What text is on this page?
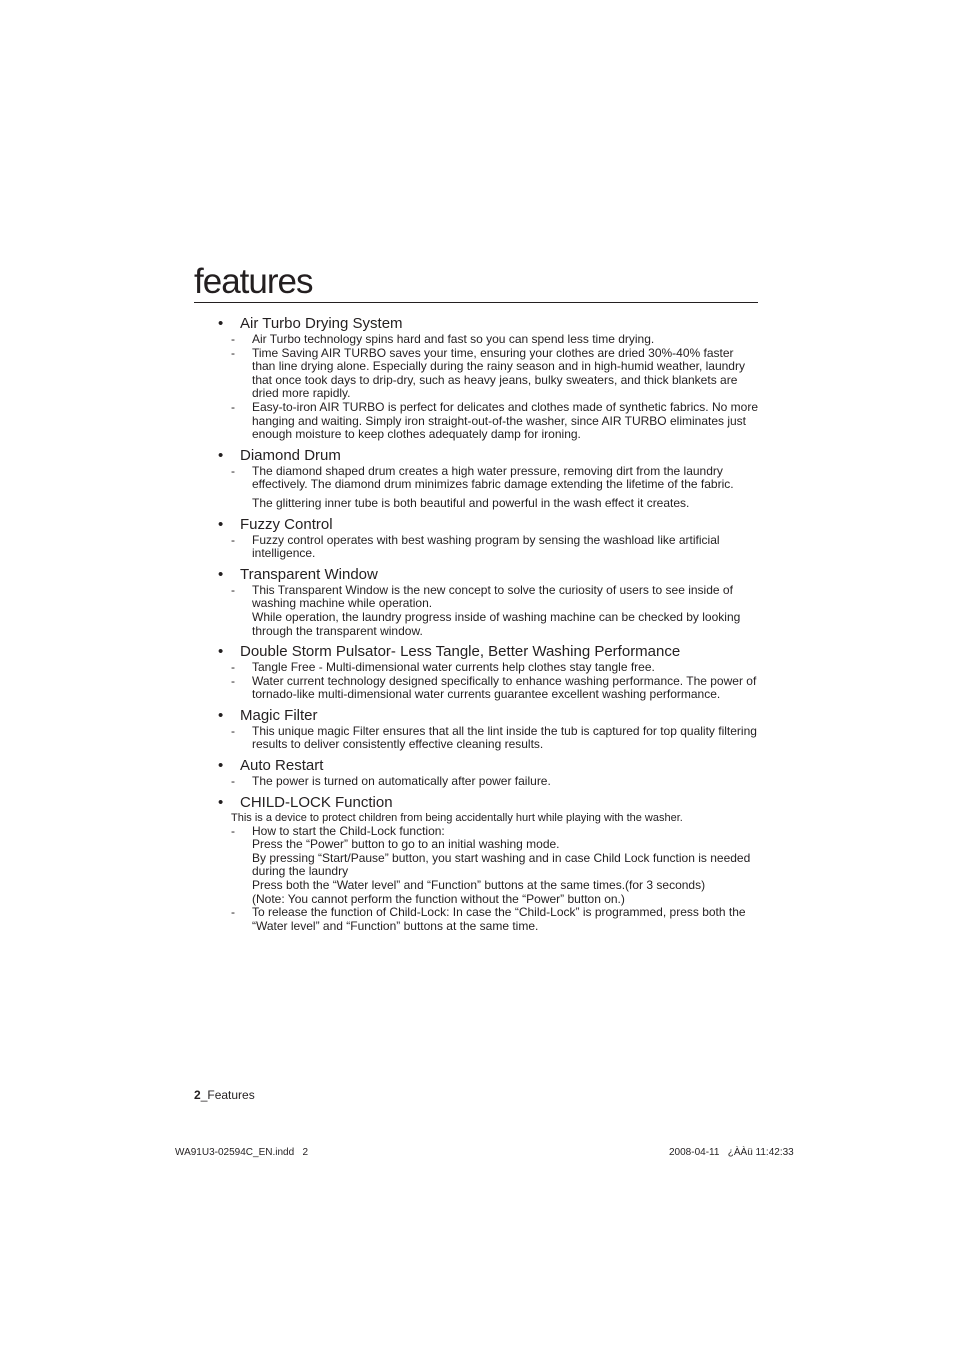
features
• Air Turbo Drying System
- Air Turbo technology spins hard and fast so you can spend less time drying.
- Time Saving AIR TURBO saves your time, ensuring your clothes are dried 30%-40% faster than line drying alone. Especially during the rainy season and in high-humid weather, laundry that once took days to drip-dry, such as heavy jeans, bulky sweaters, and thick blankets are dried more rapidly.
- Easy-to-iron AIR TURBO is perfect for delicates and clothes made of synthetic fabrics. No more hanging and waiting. Simply iron straight-out-of-the washer, since AIR TURBO eliminates just enough moisture to keep clothes adequately damp for ironing.
• Diamond Drum
- The diamond shaped drum creates a high water pressure, removing dirt from the laundry effectively. The diamond drum minimizes fabric damage extending the lifetime of the fabric.
The glittering inner tube is both beautiful and powerful in the wash effect it creates.
• Fuzzy Control
- Fuzzy control operates with best washing program by sensing the washload like artificial intelligence.
• Transparent Window
- This Transparent Window is the new concept to solve the curiosity of users to see inside of washing machine while operation.
While operation, the laundry progress inside of washing machine can be checked by looking through the transparent window.
• Double Storm Pulsator- Less Tangle, Better Washing Performance
- Tangle Free - Multi-dimensional water currents help clothes stay tangle free.
- Water current technology designed specifically to enhance washing performance. The power of tornado-like multi-dimensional water currents guarantee excellent washing performance.
• Magic Filter
- This unique magic Filter ensures that all the lint inside the tub is captured for top quality filtering results to deliver consistently effective cleaning results.
• Auto Restart
- The power is turned on automatically after power failure.
• CHILD-LOCK Function
This is a device to protect children from being accidentally hurt while playing with the washer.
- How to start the Child-Lock function:
Press the “Power” button to go to an initial washing mode.
By pressing “Start/Pause” button, you start washing and in case Child Lock function is needed during the laundry
Press both the “Water level” and “Function” buttons at the same times.(for 3 seconds)
(Note: You cannot perform the function without the “Power” button on.)
- To release the function of Child-Lock: In case the “Child-Lock” is programmed, press both the “Water level” and “Function” buttons at the same time.
2_Features
WA91U3-02594C_EN.indd   2	2008-04-11   ¿ÀÀü 11:42:33
